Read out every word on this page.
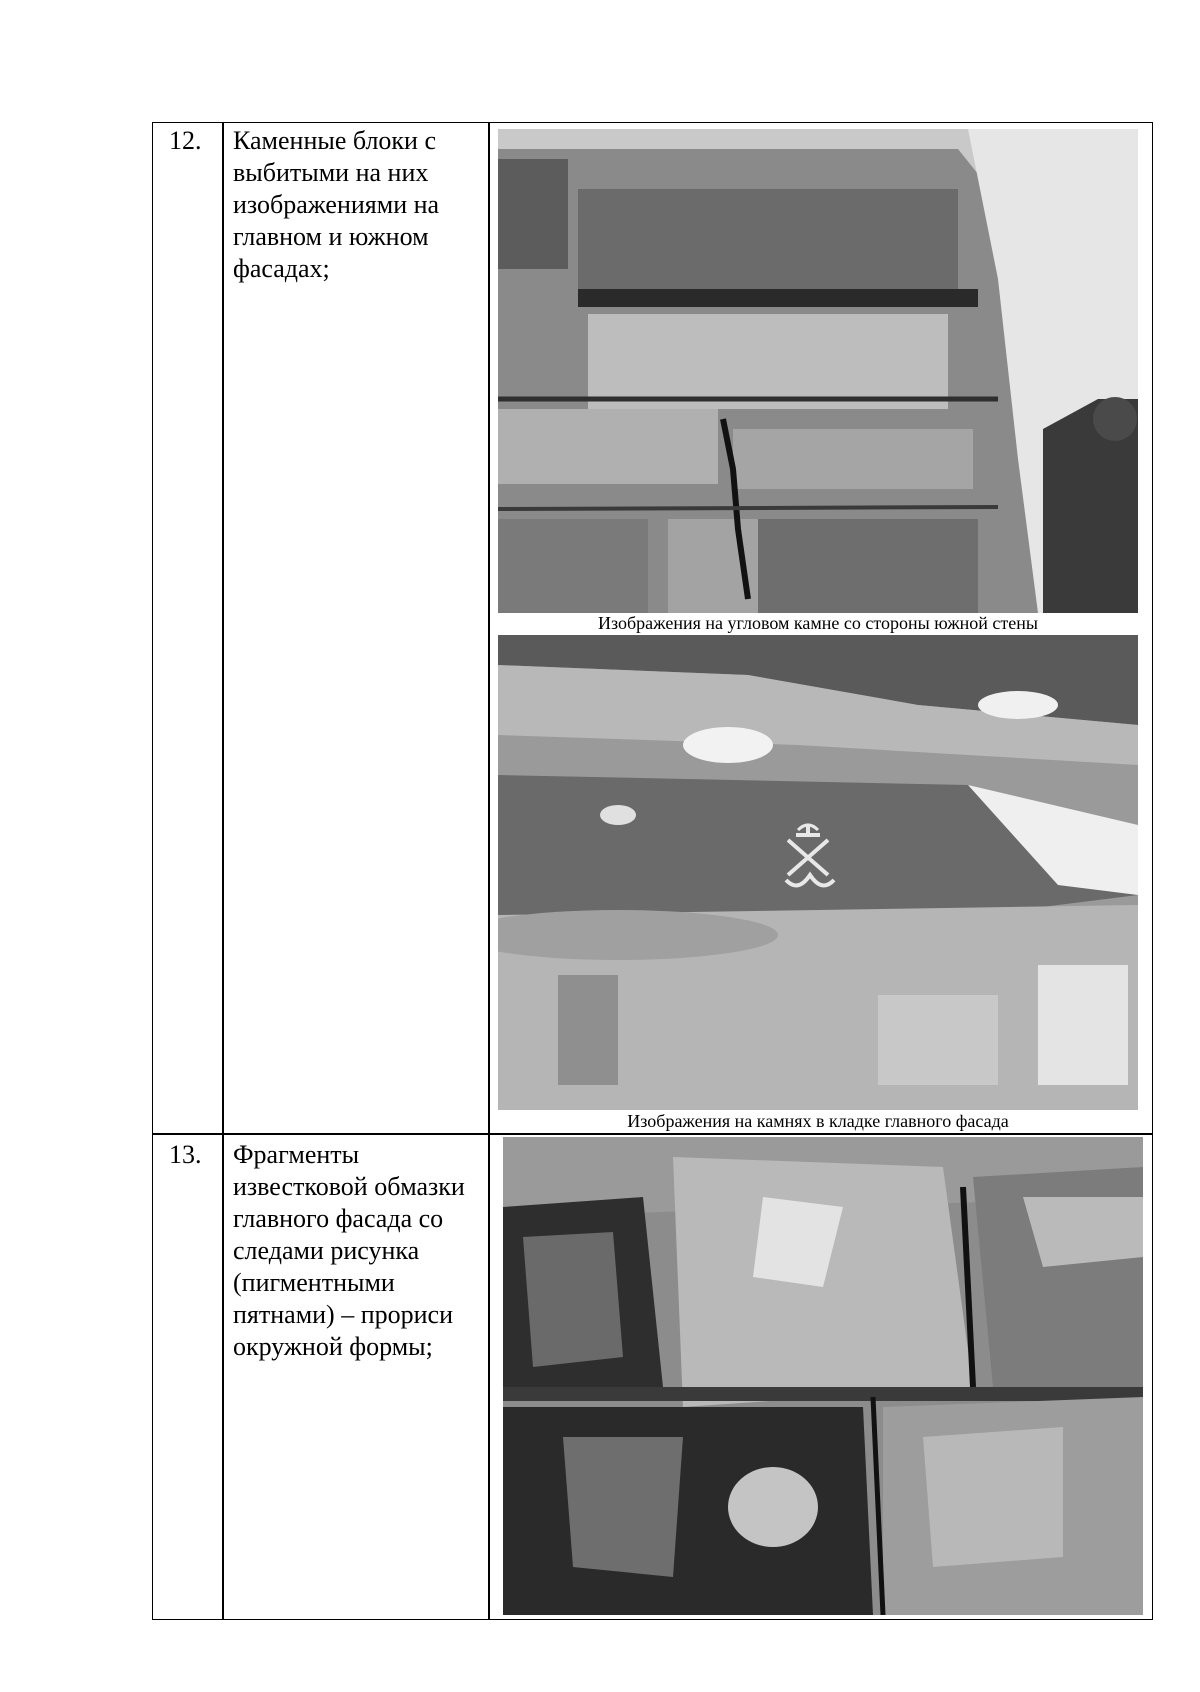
12. Каменные блоки с выбитыми на них изображениями на главном и южном фасадах;
Изображения на угловом камне со стороны южной стены
Изображения на камнях в кладке главного фасада
13. Фрагменты известковой обмазки главного фасада со следами рисунка (пигментными пятнами) – прориси окружной формы;
